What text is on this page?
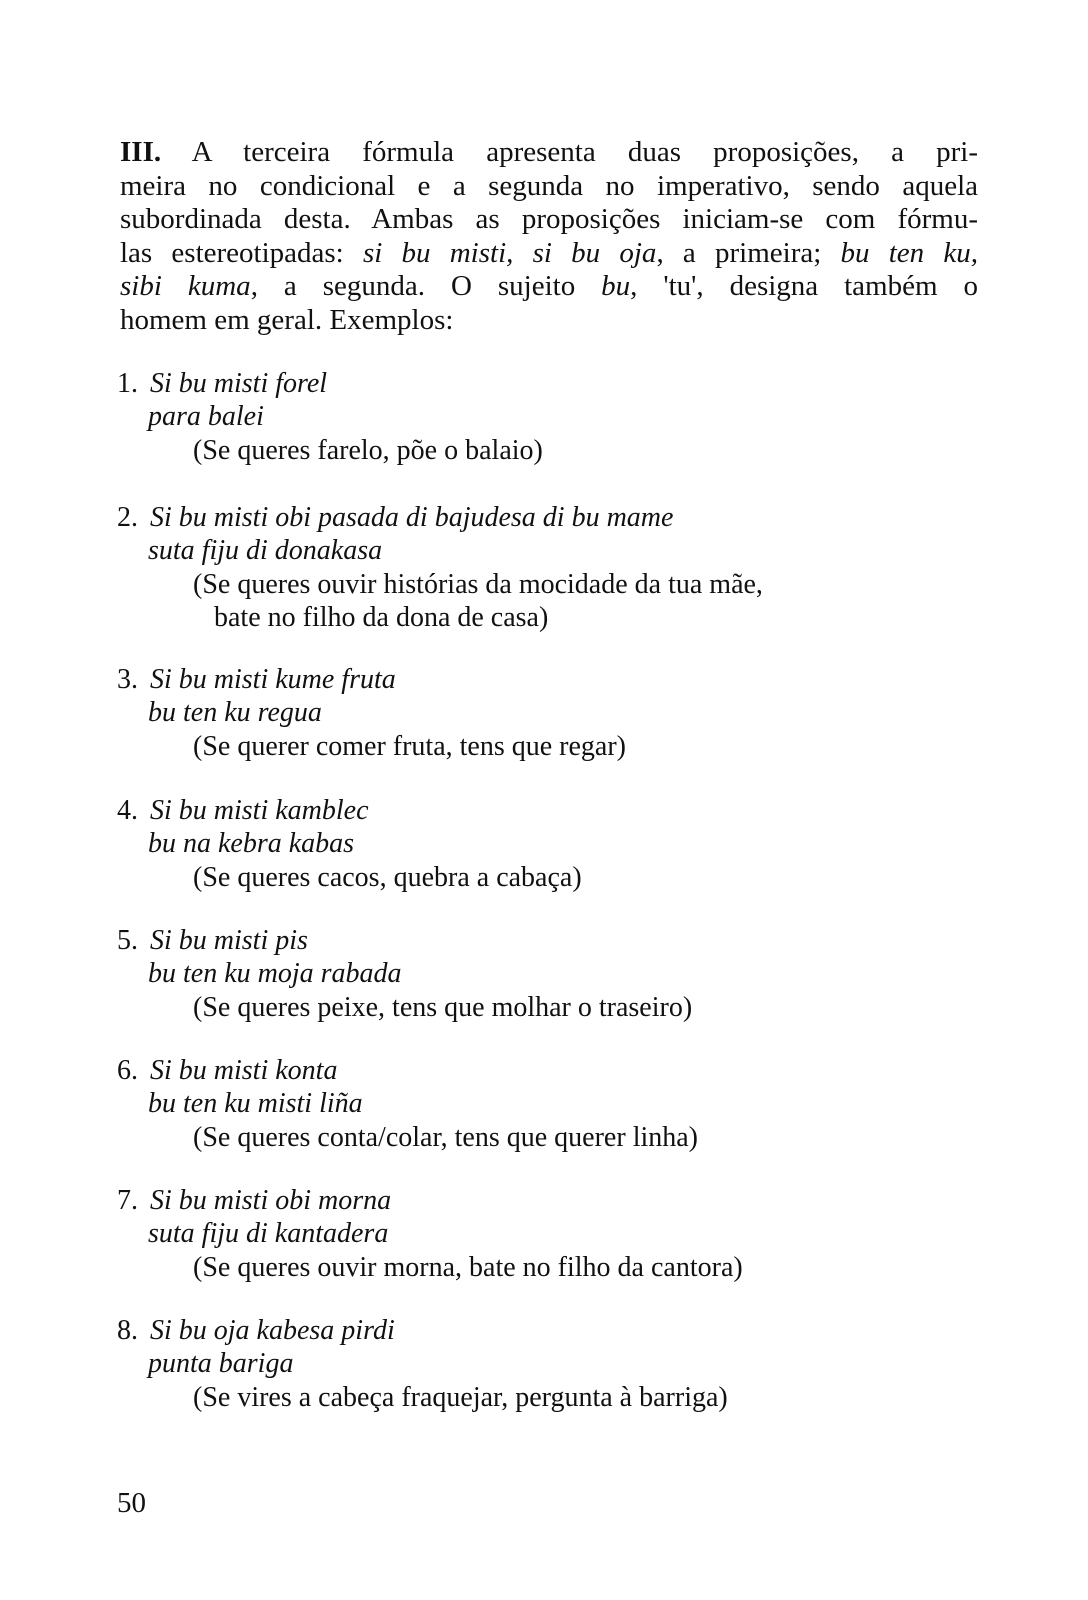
III. A terceira fórmula apresenta duas proposições, a pri-
meira no condicional e a segunda no imperativo, sendo aquela
subordinada desta. Ambas as proposições iniciam-se com fórmu-
las estereotipadas: si bu misti, si bu oja, a primeira; bu ten ku,
sibi kuma, a segunda. O sujeito bu, 'tu', designa também o
homem em geral. Exemplos:
1. Si bu misti forel
para balei
(Se queres farelo, põe o balaio)
2. Si bu misti obi pasada di bajudesa di bu mame
suta fiju di donakasa
(Se queres ouvir histórias da mocidade da tua mãe,
bate no filho da dona de casa)
3. Si bu misti kume fruta
bu ten ku regua
(Se querer comer fruta, tens que regar)
4. Si bu misti kamblec
bu na kebra kabas
(Se queres cacos, quebra a cabaça)
5. Si bu misti pis
bu ten ku moja rabada
(Se queres peixe, tens que molhar o traseiro)
6. Si bu misti konta
bu ten ku misti liña
(Se queres conta/colar, tens que querer linha)
7. Si bu misti obi morna
suta fiju di kantadera
(Se queres ouvir morna, bate no filho da cantora)
8. Si bu oja kabesa pirdi
punta bariga
(Se vires a cabeça fraquejar, pergunta à barriga)
50
